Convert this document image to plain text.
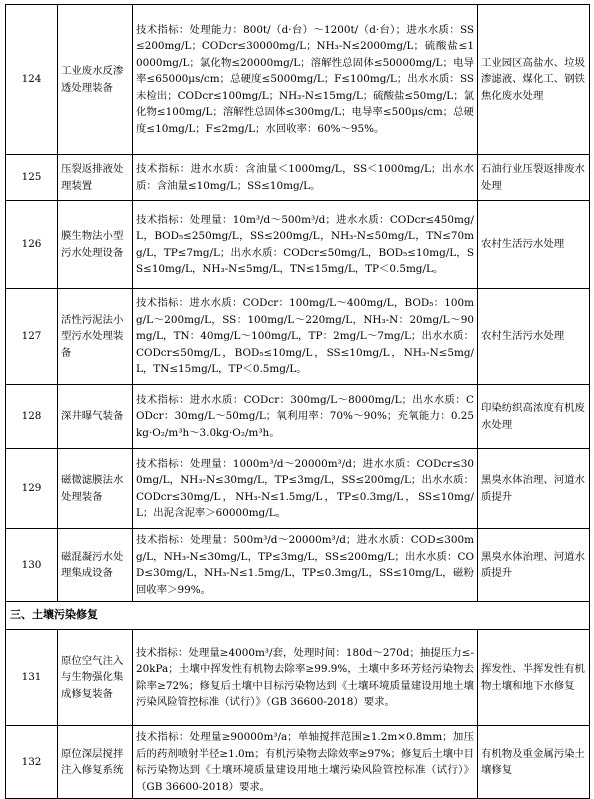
124	工业废水反渗透处理装备	技术指标：处理能力：800t/（d·台）～1200t/（d·台）；进水水质：SS≤200mg/L；CODcr≤30000mg/L；NH₃-N≤2000mg/L；硫酸盐≤10000mg/L；氯化物≤20000mg/L；溶解性总固体≤50000mg/L；电导率≤65000μs/cm；总硬度≤5000mg/L；F≤100mg/L；出水水质：SS未检出；CODcr≤100mg/L；NH₃-N≤15mg/L；硫酸盐≤50mg/L；氯化物≤100mg/L；溶解性总固体≤300mg/L；电导率≤500μs/cm；总硬度≤10mg/L；F≤2mg/L；水回收率：60%～95%。	工业园区高盐水、垃圾渗滤液、煤化工、钢铁焦化废水处理
125	压裂返排液处理装置	技术指标：进水水质：含油量＜1000mg/L，SS＜1000mg/L；出水水质：含油量≤10mg/L；SS≤10mg/L。	石油行业压裂返排废水处理
126	膜生物法小型污水处理设备	技术指标：处理量：10m³/d～500m³/d；进水水质：CODcr≤450mg/L，BOD₅≤250mg/L，SS≤200mg/L，NH₃-N≤50mg/L，TN≤70mg/L，TP≤7mg/L；出水水质：CODcr≤50mg/L，BOD₅≤10mg/L，SS≤10mg/L，NH₃-N≤5mg/L，TN≤15mg/L，TP＜0.5mg/L。	农村生活污水处理
127	活性污泥法小型污水处理装备	技术指标：进水水质：CODcr：100mg/L～400mg/L，BOD₅：100mg/L～200mg/L，SS：100mg/L～220mg/L，NH₃-N：20mg/L～90mg/L，TN：40mg/L～100mg/L，TP：2mg/L～7mg/L；出水水质：CODcr≤50mg/L，BOD₅≤10mg/L，SS≤10mg/L，NH₃-N≤5mg/L，TN≤15mg/L，TP＜0.5mg/L。	农村生活污水处理
128	深井曝气装备	技术指标：进水水质：CODcr：300mg/L～8000mg/L；出水水质：CODcr：30mg/L～50mg/L；氧利用率：70%～90%；充氧能力：0.25kg·O₂/m³h～3.0kg·O₂/m³h。	印染纺织高浓度有机废水处理
129	磁微滤膜法水处理装备	技术指标：处理量：1000m³/d～20000m³/d；进水水质：CODcr≤300mg/L，NH₃-N≤30mg/L，TP≤3mg/L，SS≤200mg/L；出水水质：CODcr≤30mg/L，NH₃-N≤1.5mg/L，TP≤0.3mg/L，SS≤10mg/L；出泥含泥率＞60000mg/L。	黑臭水体治理、河道水质提升
130	磁混凝污水处理集成设备	技术指标：处理量：500m³/d～20000m³/d；进水水质：COD≤300mg/L，NH₃-N≤30mg/L，TP≤3mg/L，SS≤200mg/L；出水水质：COD≤30mg/L，NH₃-N≤1.5mg/L，TP≤0.3mg/L，SS≤10mg/L，磁粉回收率＞99%。	黑臭水体治理、河道水质提升
三、土壤污染修复			
131	原位空气注入与生物强化集成修复装备	技术指标：处理量≥4000m³/套，处理时间：180d～270d；抽提压力≤-20kPa；土壤中挥发性有机物去除率≥99.9%，土壤中多环芳烃污染物去除率≥72%；修复后土壤中目标污染物达到《土壤环境质量建设用地土壤污染风险管控标准（试行）》（GB 36600-2018）要求。	挥发性、半挥发性有机物土壤和地下水修复
132	原位深层搅拌注入修复系统	技术指标：处理量≥90000m³/a；单轴搅拌范围≥1.2m×0.8mm；加压后的药剂喷射半径≥1.0m；有机污染物去除效率≥97%；修复后土壤中目标污染物达到《土壤环境质量建设用地土壤污染风险管控标准（试行）》（GB 36600-2018）要求。	有机物及重金属污染土壤修复
